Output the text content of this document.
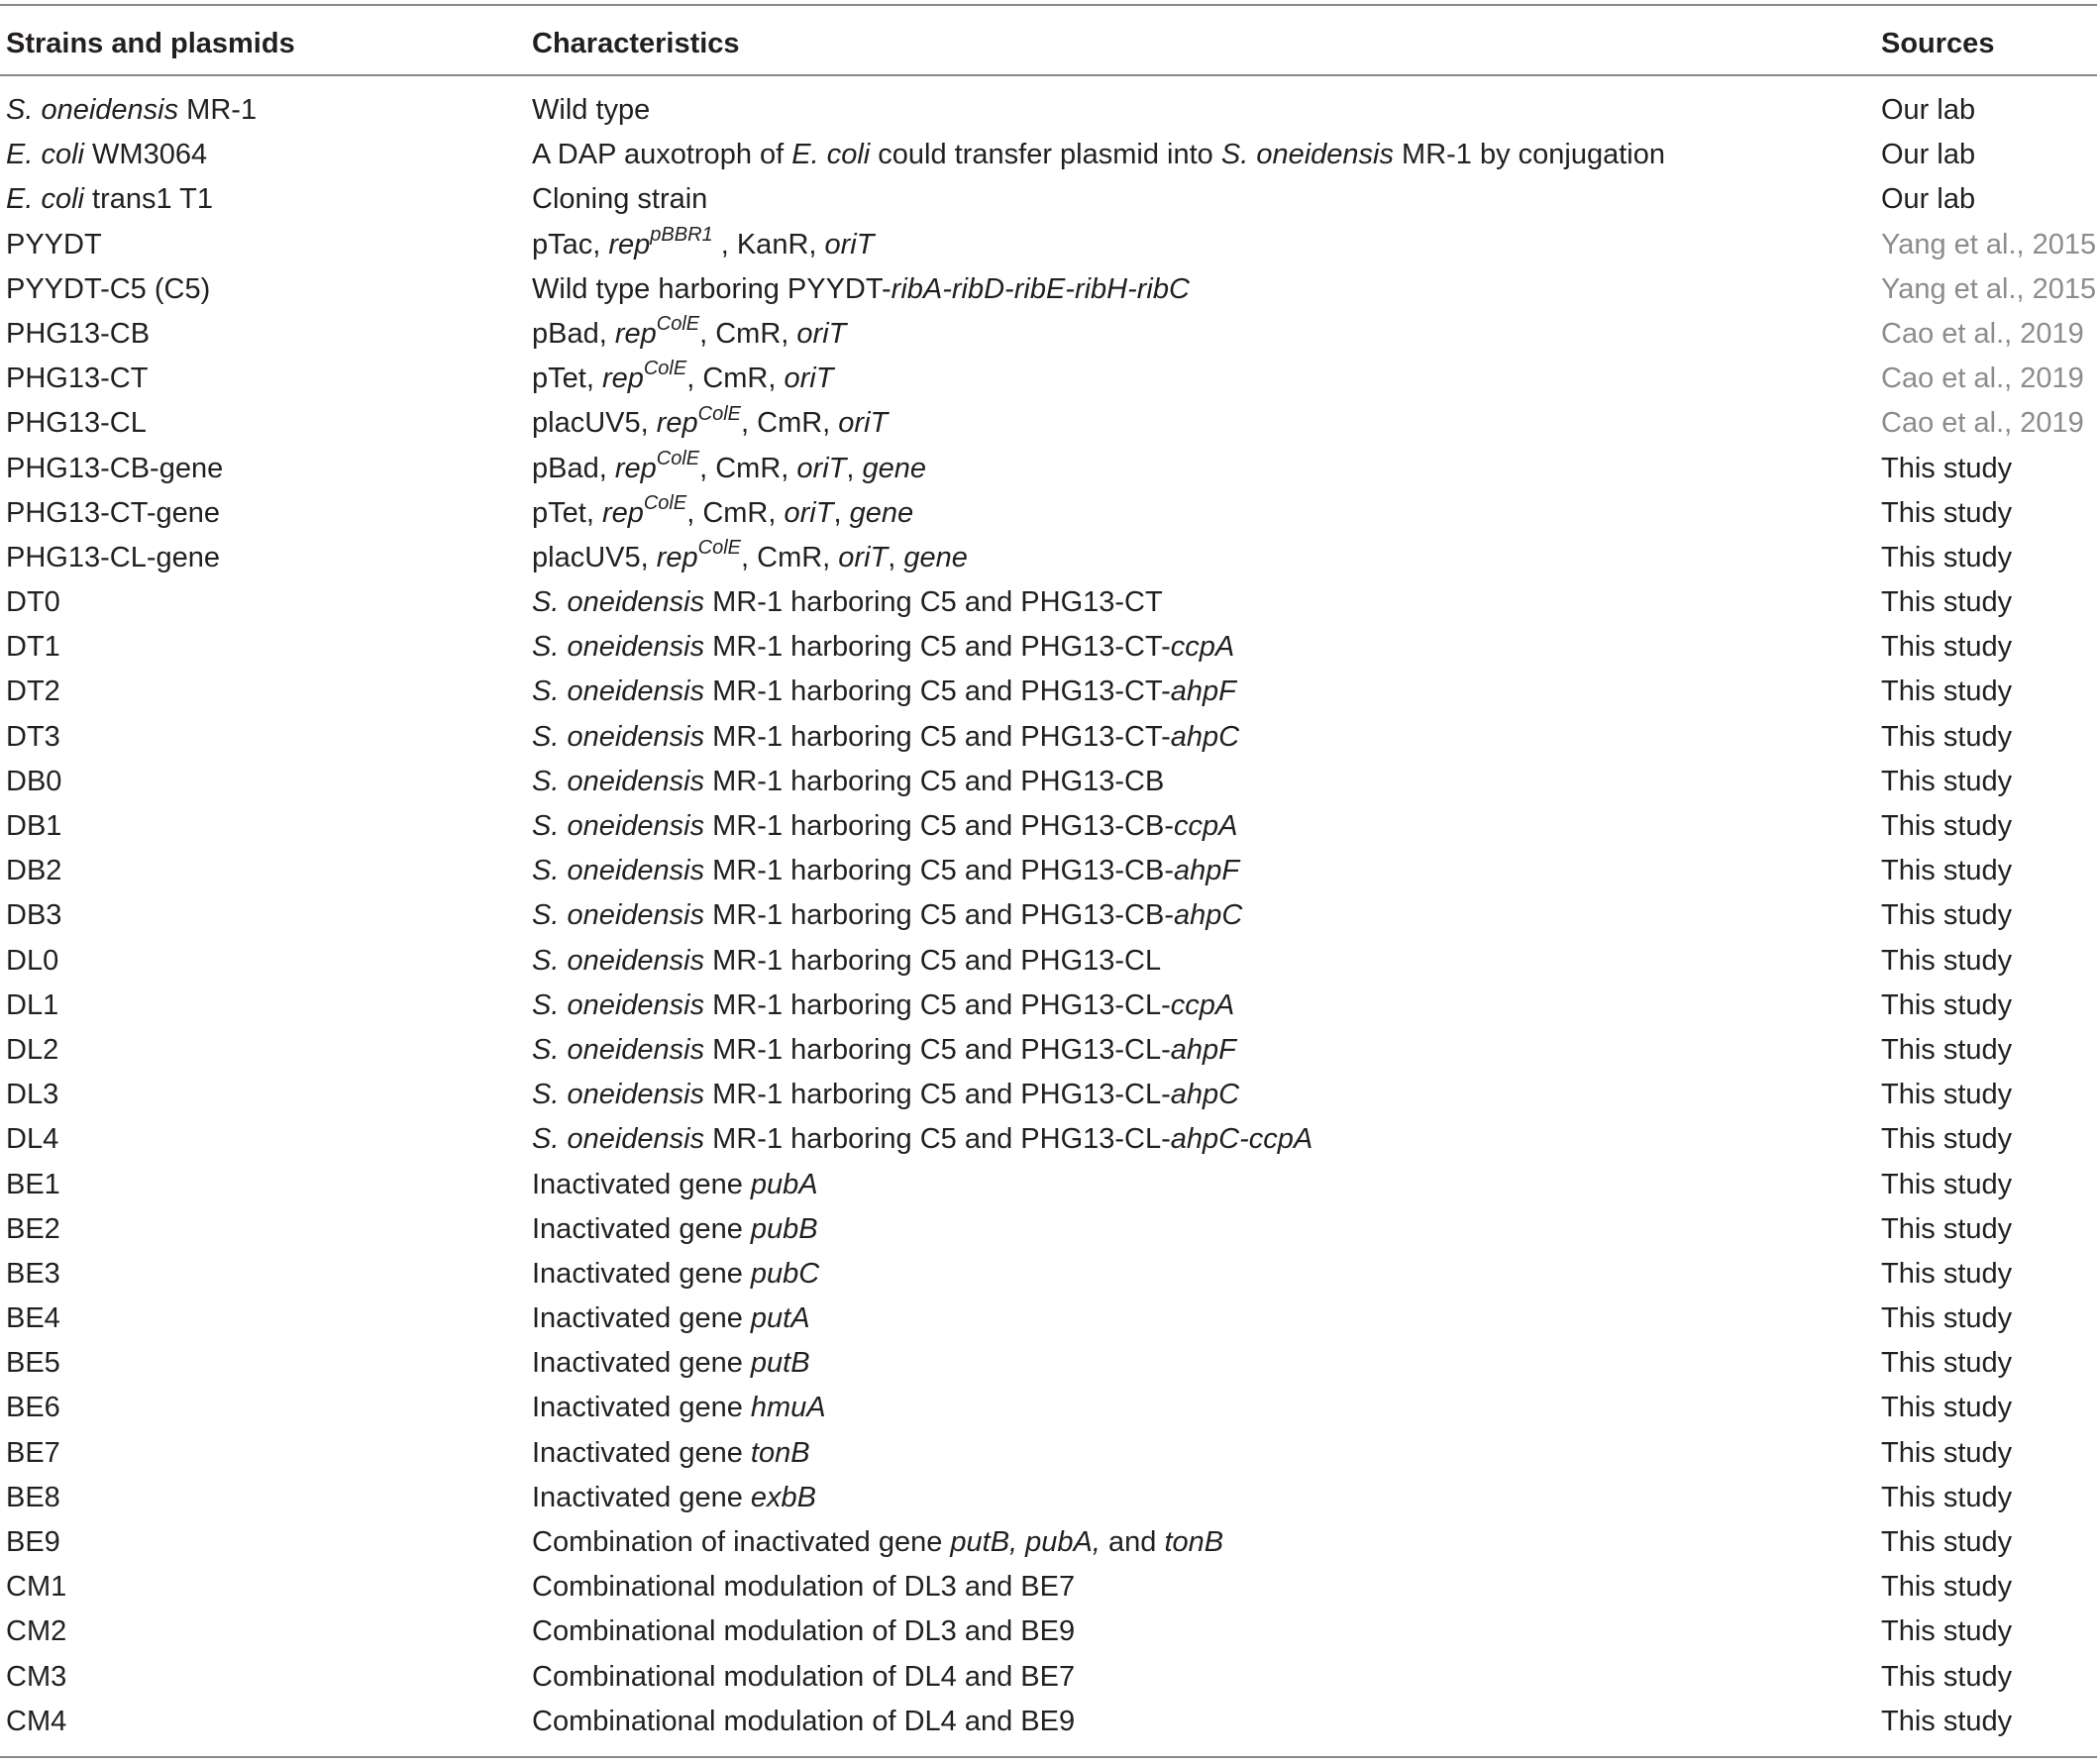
Strains and plasmids	Characteristics	Sources
S. oneidensis MR-1	Wild type	Our lab
E. coli WM3064	A DAP auxotroph of E. coli could transfer plasmid into S. oneidensis MR-1 by conjugation	Our lab
E. coli trans1 T1	Cloning strain	Our lab
PYYDT	pTac, rep$^{pBBR1}$ , KanR, oriT	Yang et al., 2015
PYYDT-C5 (C5)	Wild type harboring PYYDT-ribA-ribD-ribE-ribH-ribC	Yang et al., 2015
PHG13-CB	pBad, rep$^{ColE}$, CmR, oriT	Cao et al., 2019
PHG13-CT	pTet, rep$^{ColE}$, CmR, oriT	Cao et al., 2019
PHG13-CL	placUV5, rep$^{ColE}$, CmR, oriT	Cao et al., 2019
PHG13-CB-gene	pBad, rep$^{ColE}$, CmR, oriT, gene	This study
PHG13-CT-gene	pTet, rep$^{ColE}$, CmR, oriT, gene	This study
PHG13-CL-gene	placUV5, rep$^{ColE}$, CmR, oriT, gene	This study
DT0	S. oneidensis MR-1 harboring C5 and PHG13-CT	This study
DT1	S. oneidensis MR-1 harboring C5 and PHG13-CT-ccpA	This study
DT2	S. oneidensis MR-1 harboring C5 and PHG13-CT-ahpF	This study
DT3	S. oneidensis MR-1 harboring C5 and PHG13-CT-ahpC	This study
DB0	S. oneidensis MR-1 harboring C5 and PHG13-CB	This study
DB1	S. oneidensis MR-1 harboring C5 and PHG13-CB-ccpA	This study
DB2	S. oneidensis MR-1 harboring C5 and PHG13-CB-ahpF	This study
DB3	S. oneidensis MR-1 harboring C5 and PHG13-CB-ahpC	This study
DL0	S. oneidensis MR-1 harboring C5 and PHG13-CL	This study
DL1	S. oneidensis MR-1 harboring C5 and PHG13-CL-ccpA	This study
DL2	S. oneidensis MR-1 harboring C5 and PHG13-CL-ahpF	This study
DL3	S. oneidensis MR-1 harboring C5 and PHG13-CL-ahpC	This study
DL4	S. oneidensis MR-1 harboring C5 and PHG13-CL-ahpC-ccpA	This study
BE1	Inactivated gene pubA	This study
BE2	Inactivated gene pubB	This study
BE3	Inactivated gene pubC	This study
BE4	Inactivated gene putA	This study
BE5	Inactivated gene putB	This study
BE6	Inactivated gene hmuA	This study
BE7	Inactivated gene tonB	This study
BE8	Inactivated gene exbB	This study
BE9	Combination of inactivated gene putB, pubA, and tonB	This study
CM1	Combinational modulation of DL3 and BE7	This study
CM2	Combinational modulation of DL3 and BE9	This study
CM3	Combinational modulation of DL4 and BE7	This study
CM4	Combinational modulation of DL4 and BE9	This study
